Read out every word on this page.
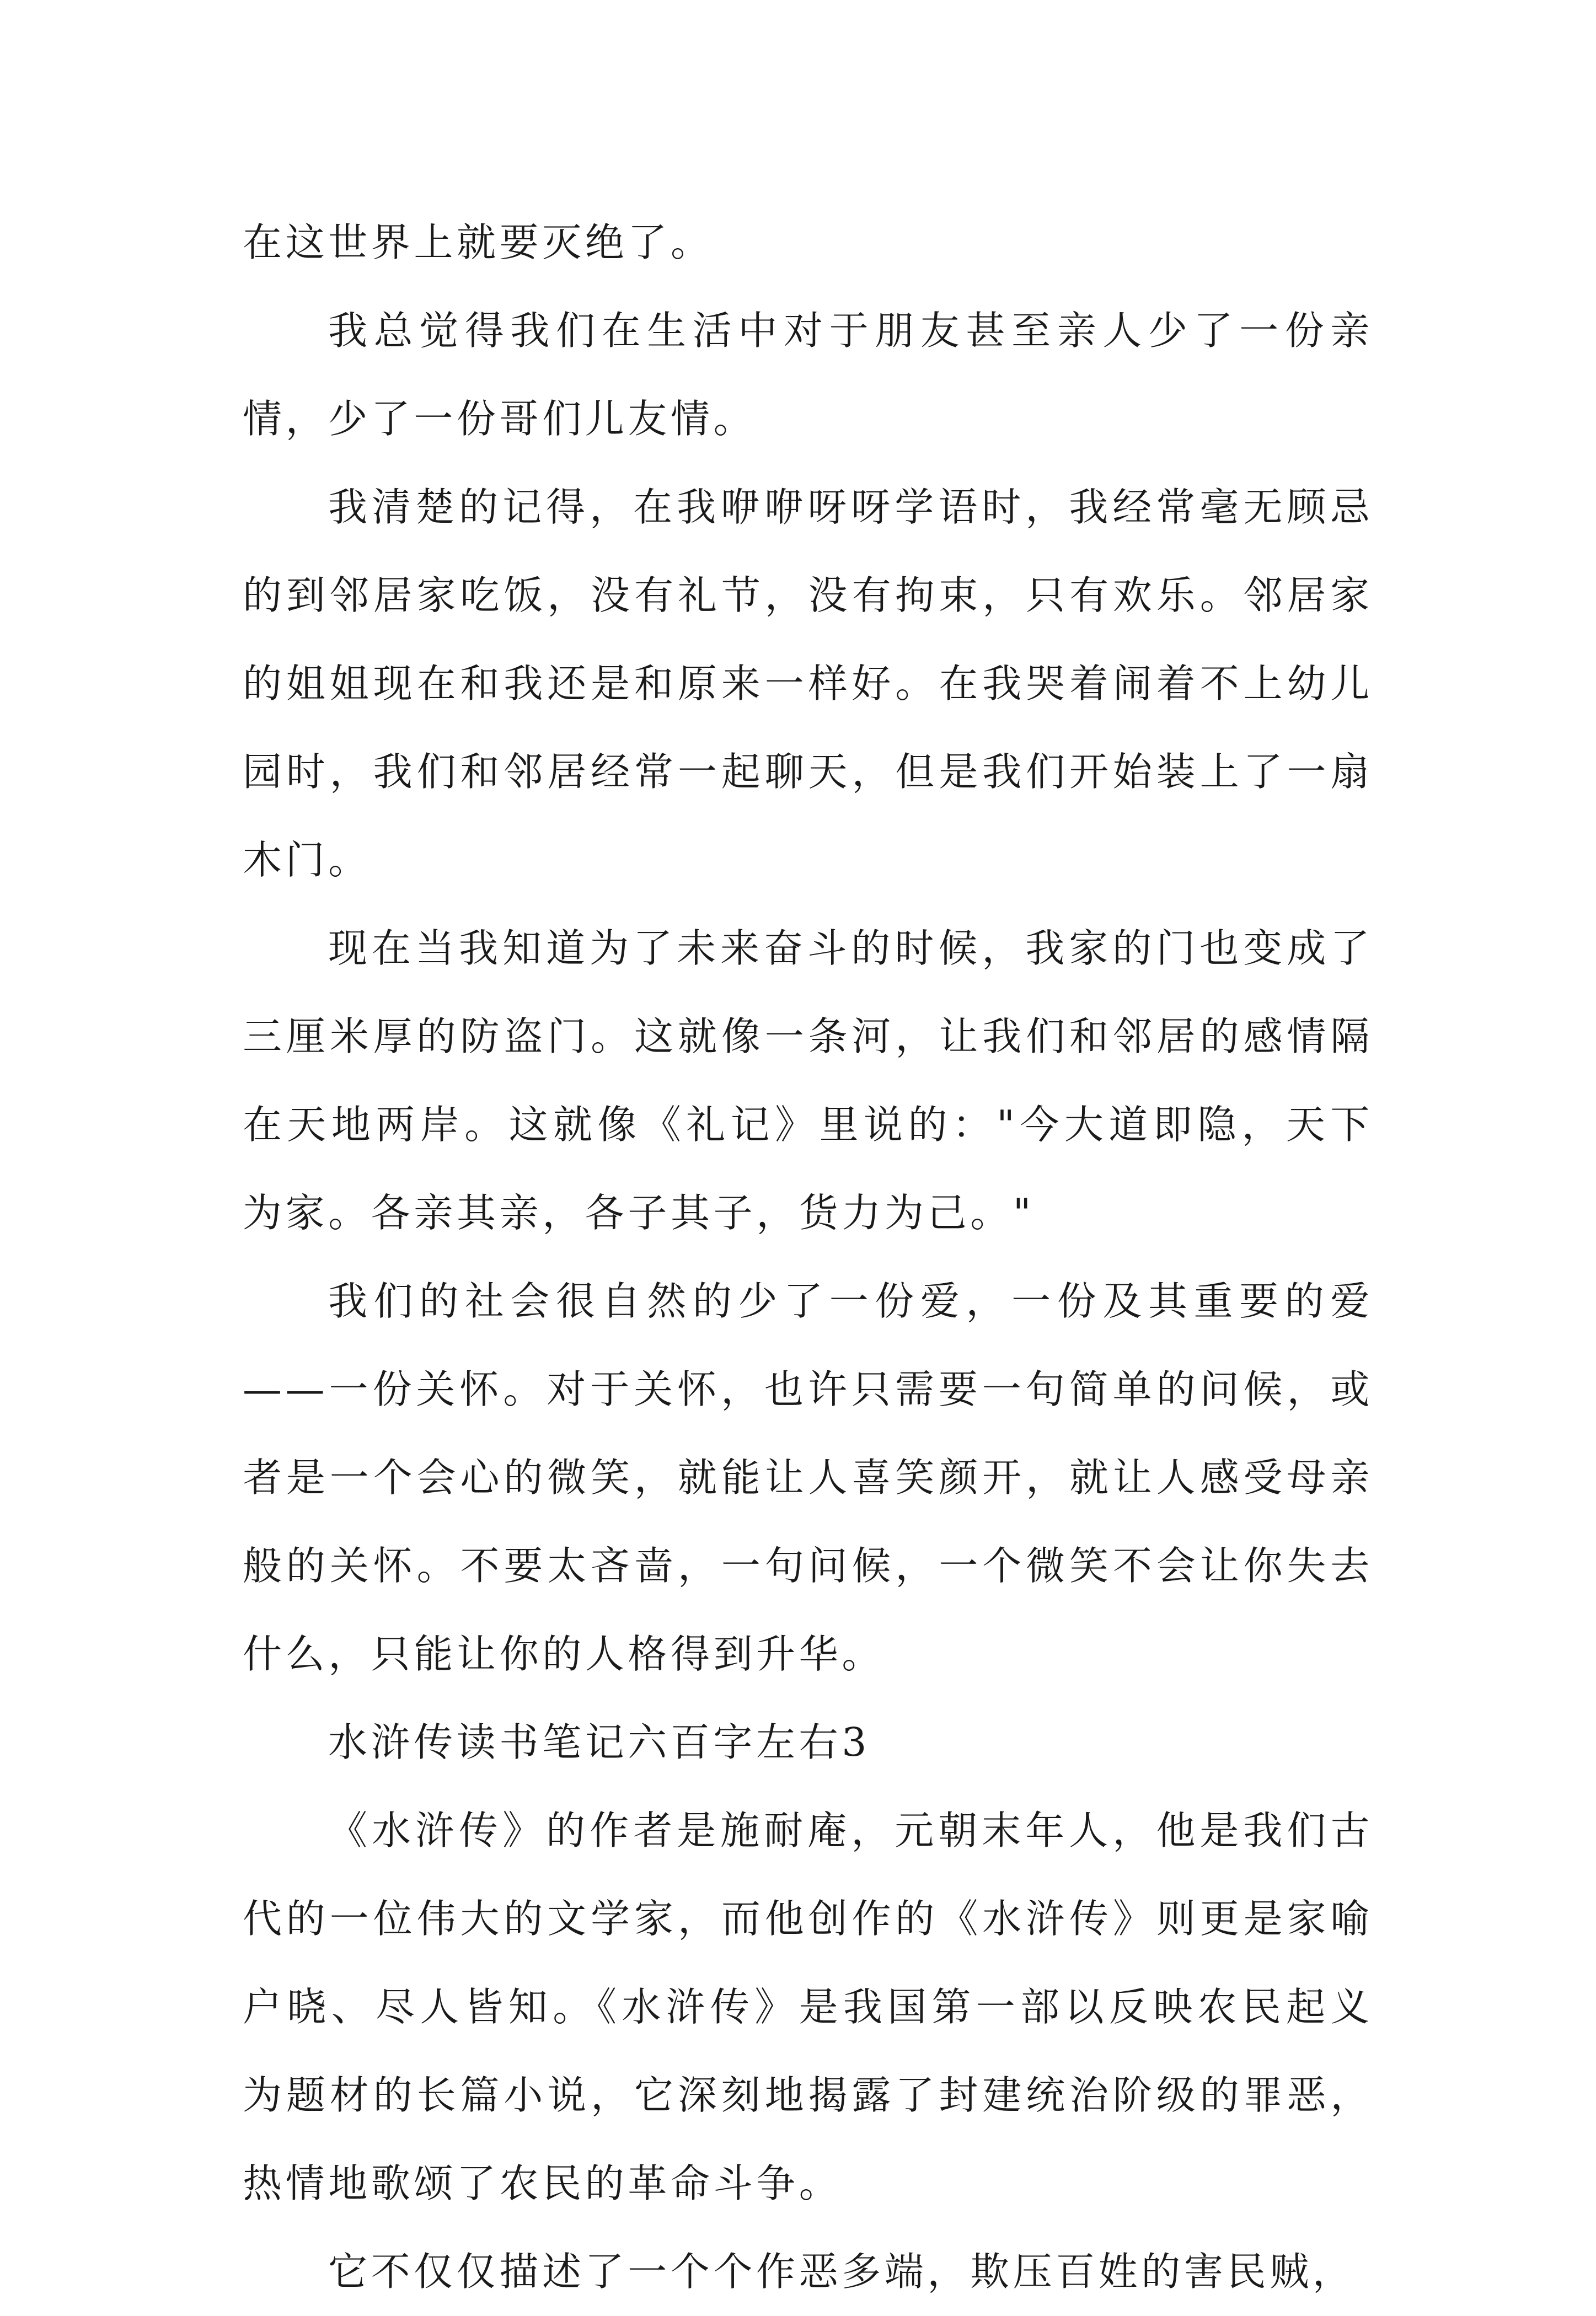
在这世界上就要灭绝了。

我总觉得我们在生活中对于朋友甚至亲人少了一份亲情，少了一份哥们儿友情。

我清楚的记得，在我咿咿呀呀学语时，我经常毫无顾忌的到邻居家吃饭，没有礼节，没有拘束，只有欢乐。邻居家的姐姐现在和我还是和原来一样好。在我哭着闹着不上幼儿园时，我们和邻居经常一起聊天，但是我们开始装上了一扇木门。

现在当我知道为了未来奋斗的时候，我家的门也变成了三厘米厚的防盗门。这就像一条河，让我们和邻居的感情隔在天地两岸。这就像《礼记》里说的："今大道即隐，天下为家。各亲其亲，各子其子，货力为己。"

我们的社会很自然的少了一份爱，一份及其重要的爱——一份关怀。对于关怀，也许只需要一句简单的问候，或者是一个会心的微笑，就能让人喜笑颜开，就让人感受母亲般的关怀。不要太吝啬，一句问候，一个微笑不会让你失去什么，只能让你的人格得到升华。

水浒传读书笔记六百字左右3

《水浒传》的作者是施耐庵，元朝末年人，他是我们古代的一位伟大的文学家，而他创作的《水浒传》则更是家喻户晓、尽人皆知。《水浒传》是我国第一部以反映农民起义为题材的长篇小说，它深刻地揭露了封建统治阶级的罪恶，热情地歌颂了农民的革命斗争。

它不仅仅描述了一个个作恶多端，欺压百姓的害民贼，
